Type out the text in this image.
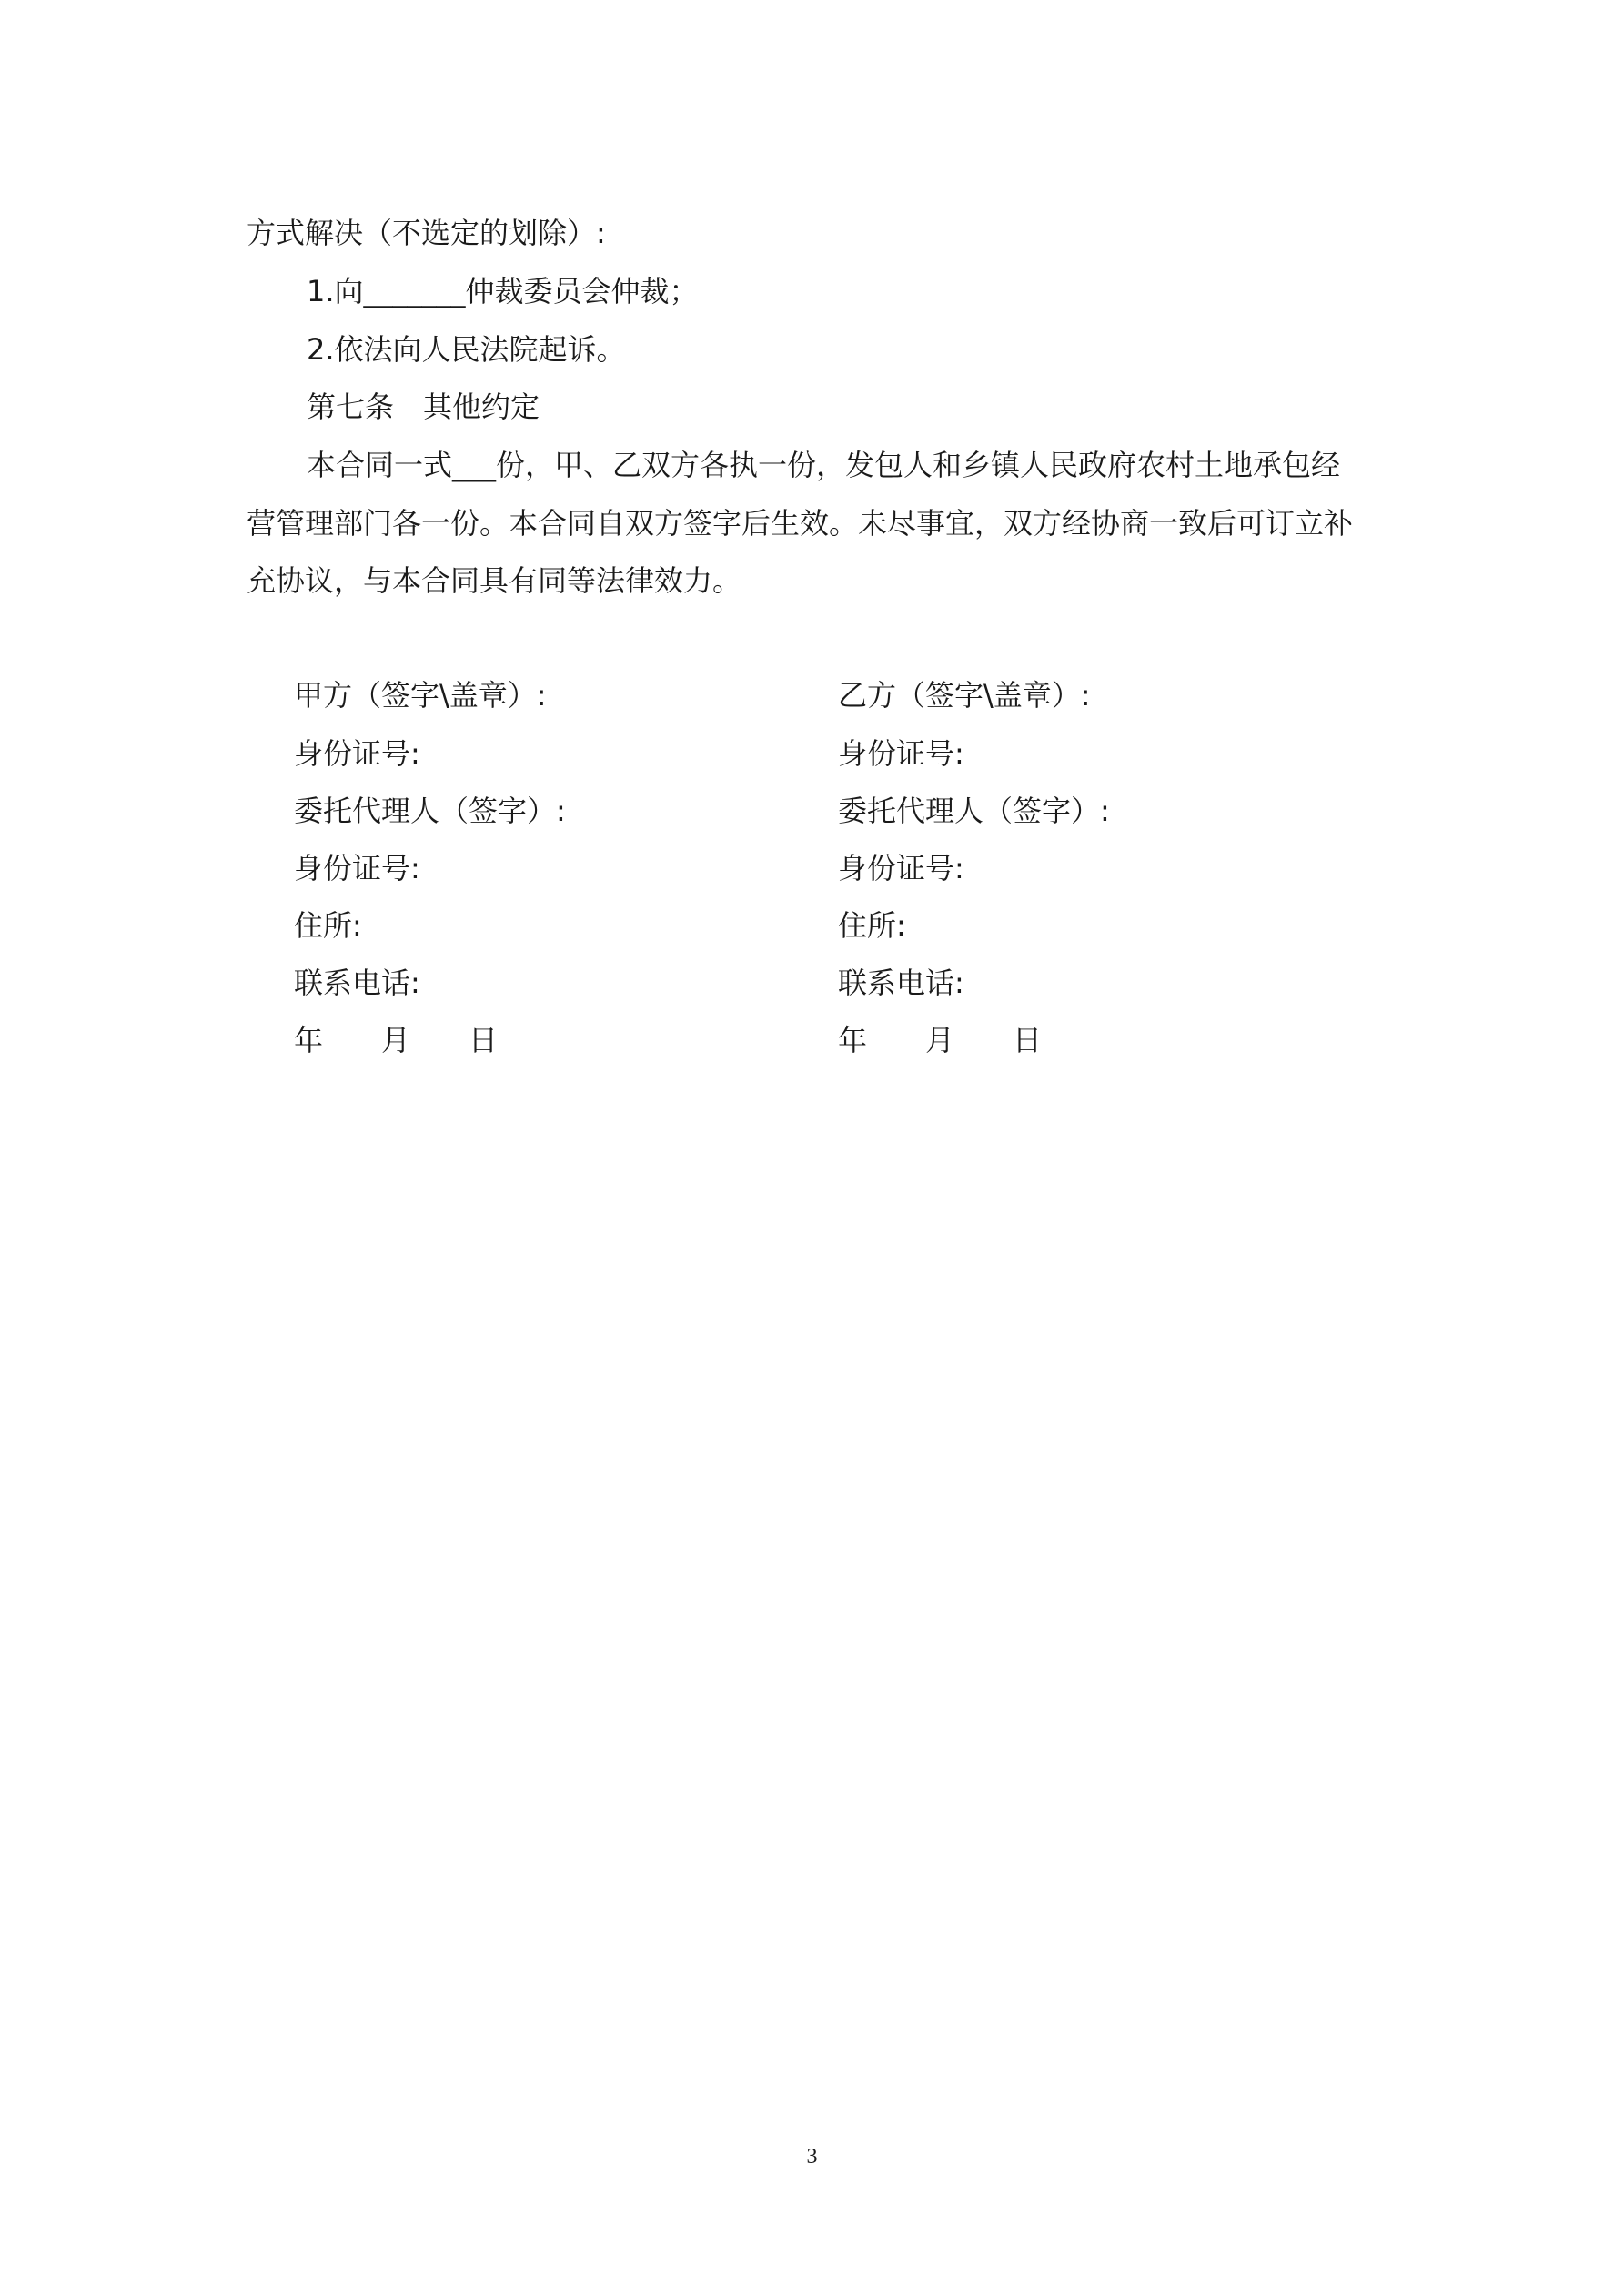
方式解决（不选定的划除）:
1.向_______仲裁委员会仲裁；
2.依法向人民法院起诉。
第七条　其他约定
本合同一式___份，甲、乙双方各执一份，发包人和乡镇人民政府农村土地承包经
营管理部门各一份。本合同自双方签字后生效。未尽事宜，双方经协商一致后可订立补
充协议，与本合同具有同等法律效力。
甲方（签字\盖章）:
身份证号:
委托代理人（签字）:
身份证号:
住所:
联系电话:
年　　月　　日
乙方（签字\盖章）:
身份证号:
委托代理人（签字）:
身份证号:
住所:
联系电话:
年　　月　　日
3
